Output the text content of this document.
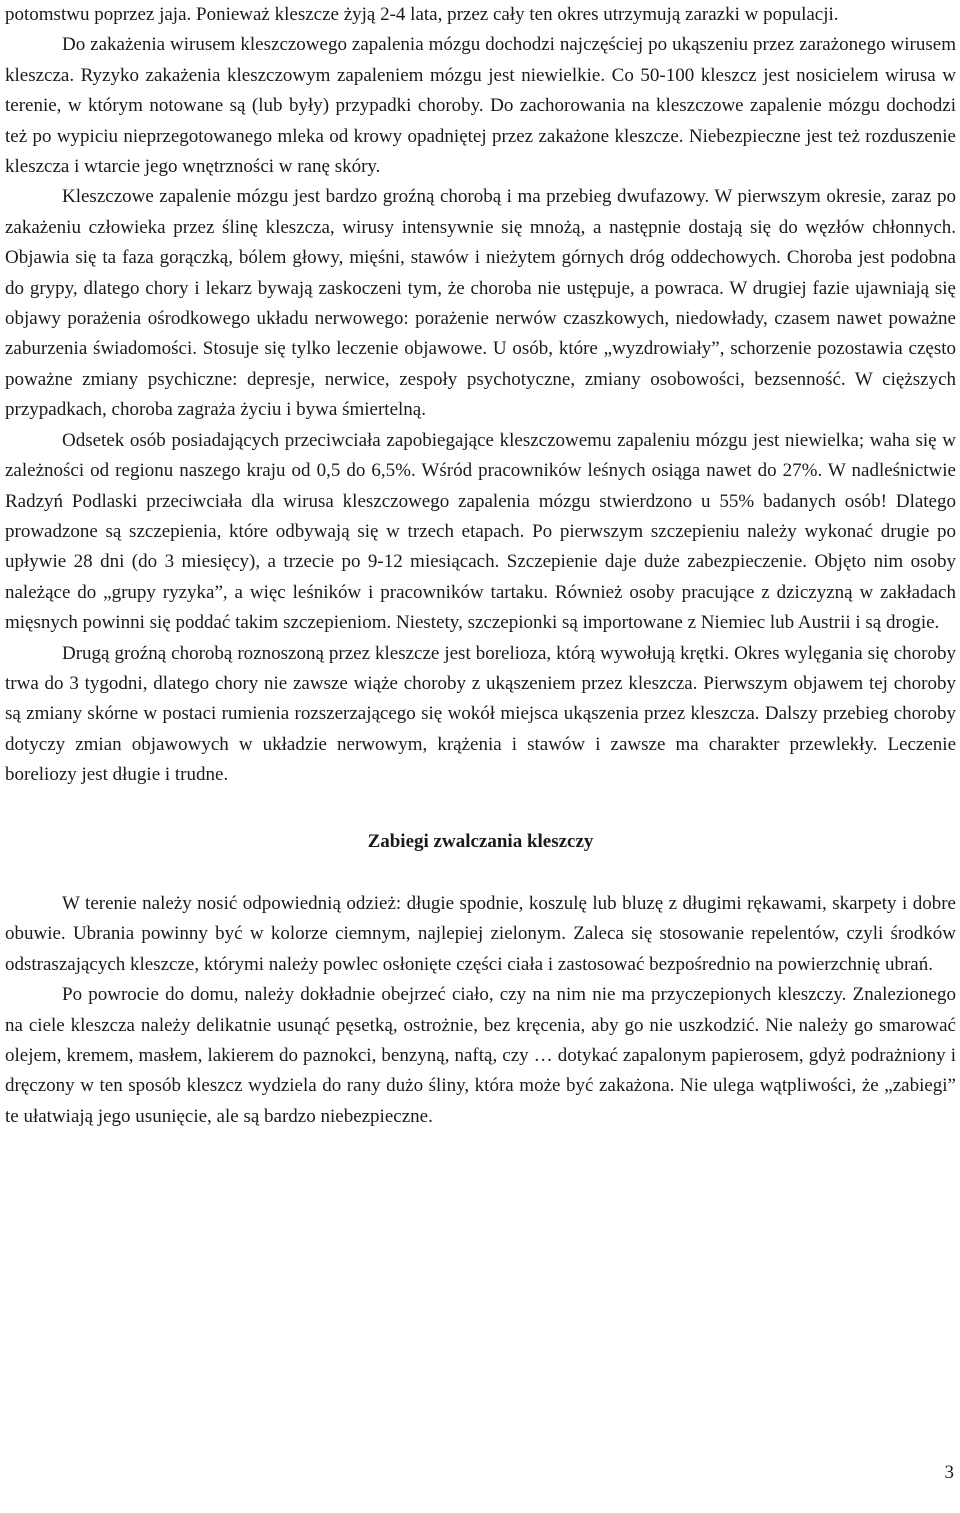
potomstwu poprzez jaja. Ponieważ kleszcze żyją 2-4 lata, przez cały ten okres utrzymują zarazki w populacji.

Do zakażenia wirusem kleszczowego zapalenia mózgu dochodzi najczęściej po ukąszeniu przez zarażonego wirusem kleszcza. Ryzyko zakażenia kleszczowym zapaleniem mózgu jest niewielkie. Co 50-100 kleszcz jest nosicielem wirusa w terenie, w którym notowane są (lub były) przypadki choroby. Do zachorowania na kleszczowe zapalenie mózgu dochodzi też po wypiciu nieprzegotowanego mleka od krowy opadniętej przez zakażone kleszcze. Niebezpieczne jest też rozduszenie kleszcza i wtarcie jego wnętrzności w ranę skóry.

Kleszczowe zapalenie mózgu jest bardzo groźną chorobą i ma przebieg dwufazowy. W pierwszym okresie, zaraz po zakażeniu człowieka przez ślinę kleszcza, wirusy intensywnie się mnożą, a następnie dostają się do węzłów chłonnych. Objawia się ta faza gorączką, bólem głowy, mięśni, stawów i nieżytem górnych dróg oddechowych. Choroba jest podobna do grypy, dlatego chory i lekarz bywają zaskoczeni tym, że choroba nie ustępuje, a powraca. W drugiej fazie ujawniają się objawy porażenia ośrodkowego układu nerwowego: porażenie nerwów czaszkowych, niedowłady, czasem nawet poważne zaburzenia świadomości. Stosuje się tylko leczenie objawowe. U osób, które „wyzdrowiały”, schorzenie pozostawia często poważne zmiany psychiczne: depresje, nerwice, zespoły psychotyczne, zmiany osobowości, bezsenność. W cięższych przypadkach, choroba zagraża życiu i bywa śmiertelną.

Odsetek osób posiadających przeciwciała zapobiegające kleszczowemu zapaleniu mózgu jest niewielka; waha się w zależności od regionu naszego kraju od 0,5 do 6,5%. Wśród pracowników leśnych osiąga nawet do 27%. W nadleśnictwie Radzyń Podlaski przeciwciała dla wirusa kleszczowego zapalenia mózgu stwierdzono u 55% badanych osób! Dlatego prowadzone są szczepienia, które odbywają się w trzech etapach. Po pierwszym szczepieniu należy wykonać drugie po upływie 28 dni (do 3 miesięcy), a trzecie po 9-12 miesiącach. Szczepienie daje duże zabezpieczenie. Objęto nim osoby należące do „grupy ryzyka”, a więc leśników i pracowników tartaku. Również osoby pracujące z dziczyzną w zakładach mięsnych powinni się poddać takim szczepieniom. Niestety, szczepionki są importowane z Niemiec lub Austrii i są drogie.

Drugą groźną chorobą roznoszoną przez kleszcze jest borelioza, którą wywołują krętki. Okres wylęgania się choroby trwa do 3 tygodni, dlatego chory nie zawsze wiąże choroby z ukąszeniem przez kleszcza. Pierwszym objawem tej choroby są zmiany skórne w postaci rumienia rozszerzającego się wokół miejsca ukąszenia przez kleszcza. Dalszy przebieg choroby dotyczy zmian objawowych w układzie nerwowym, krążenia i stawów i zawsze ma charakter przewlekły. Leczenie boreliozy jest długie i trudne.

Zabiegi zwalczania kleszczy

W terenie należy nosić odpowiednią odzież: długie spodnie, koszulę lub bluzę z długimi rękawami, skarpety i dobre obuwie. Ubrania powinny być w kolorze ciemnym, najlepiej zielonym. Zaleca się stosowanie repelentów, czyli środków odstraszających kleszcze, którymi należy powlec osłonięte części ciała i zastosować bezpośrednio na powierzchnię ubrań.

Po powrocie do domu, należy dokładnie obejrzeć ciało, czy na nim nie ma przyczepionych kleszczy. Znalezionego na ciele kleszcza należy delikatnie usunąć pęsetką, ostrożnie, bez kręcenia, aby go nie uszkodzić. Nie należy go smarować olejem, kremem, masłem, lakierem do paznokci, benzyną, naftą, czy … dotykać zapalonym papierosem, gdyż podrażniony i dręczony w ten sposób kleszcz wydziela do rany dużo śliny, która może być zakażona. Nie ulega wątpliwości, że „zabiegi” te ułatwiają jego usunięcie, ale są bardzo niebezpieczne.

3
